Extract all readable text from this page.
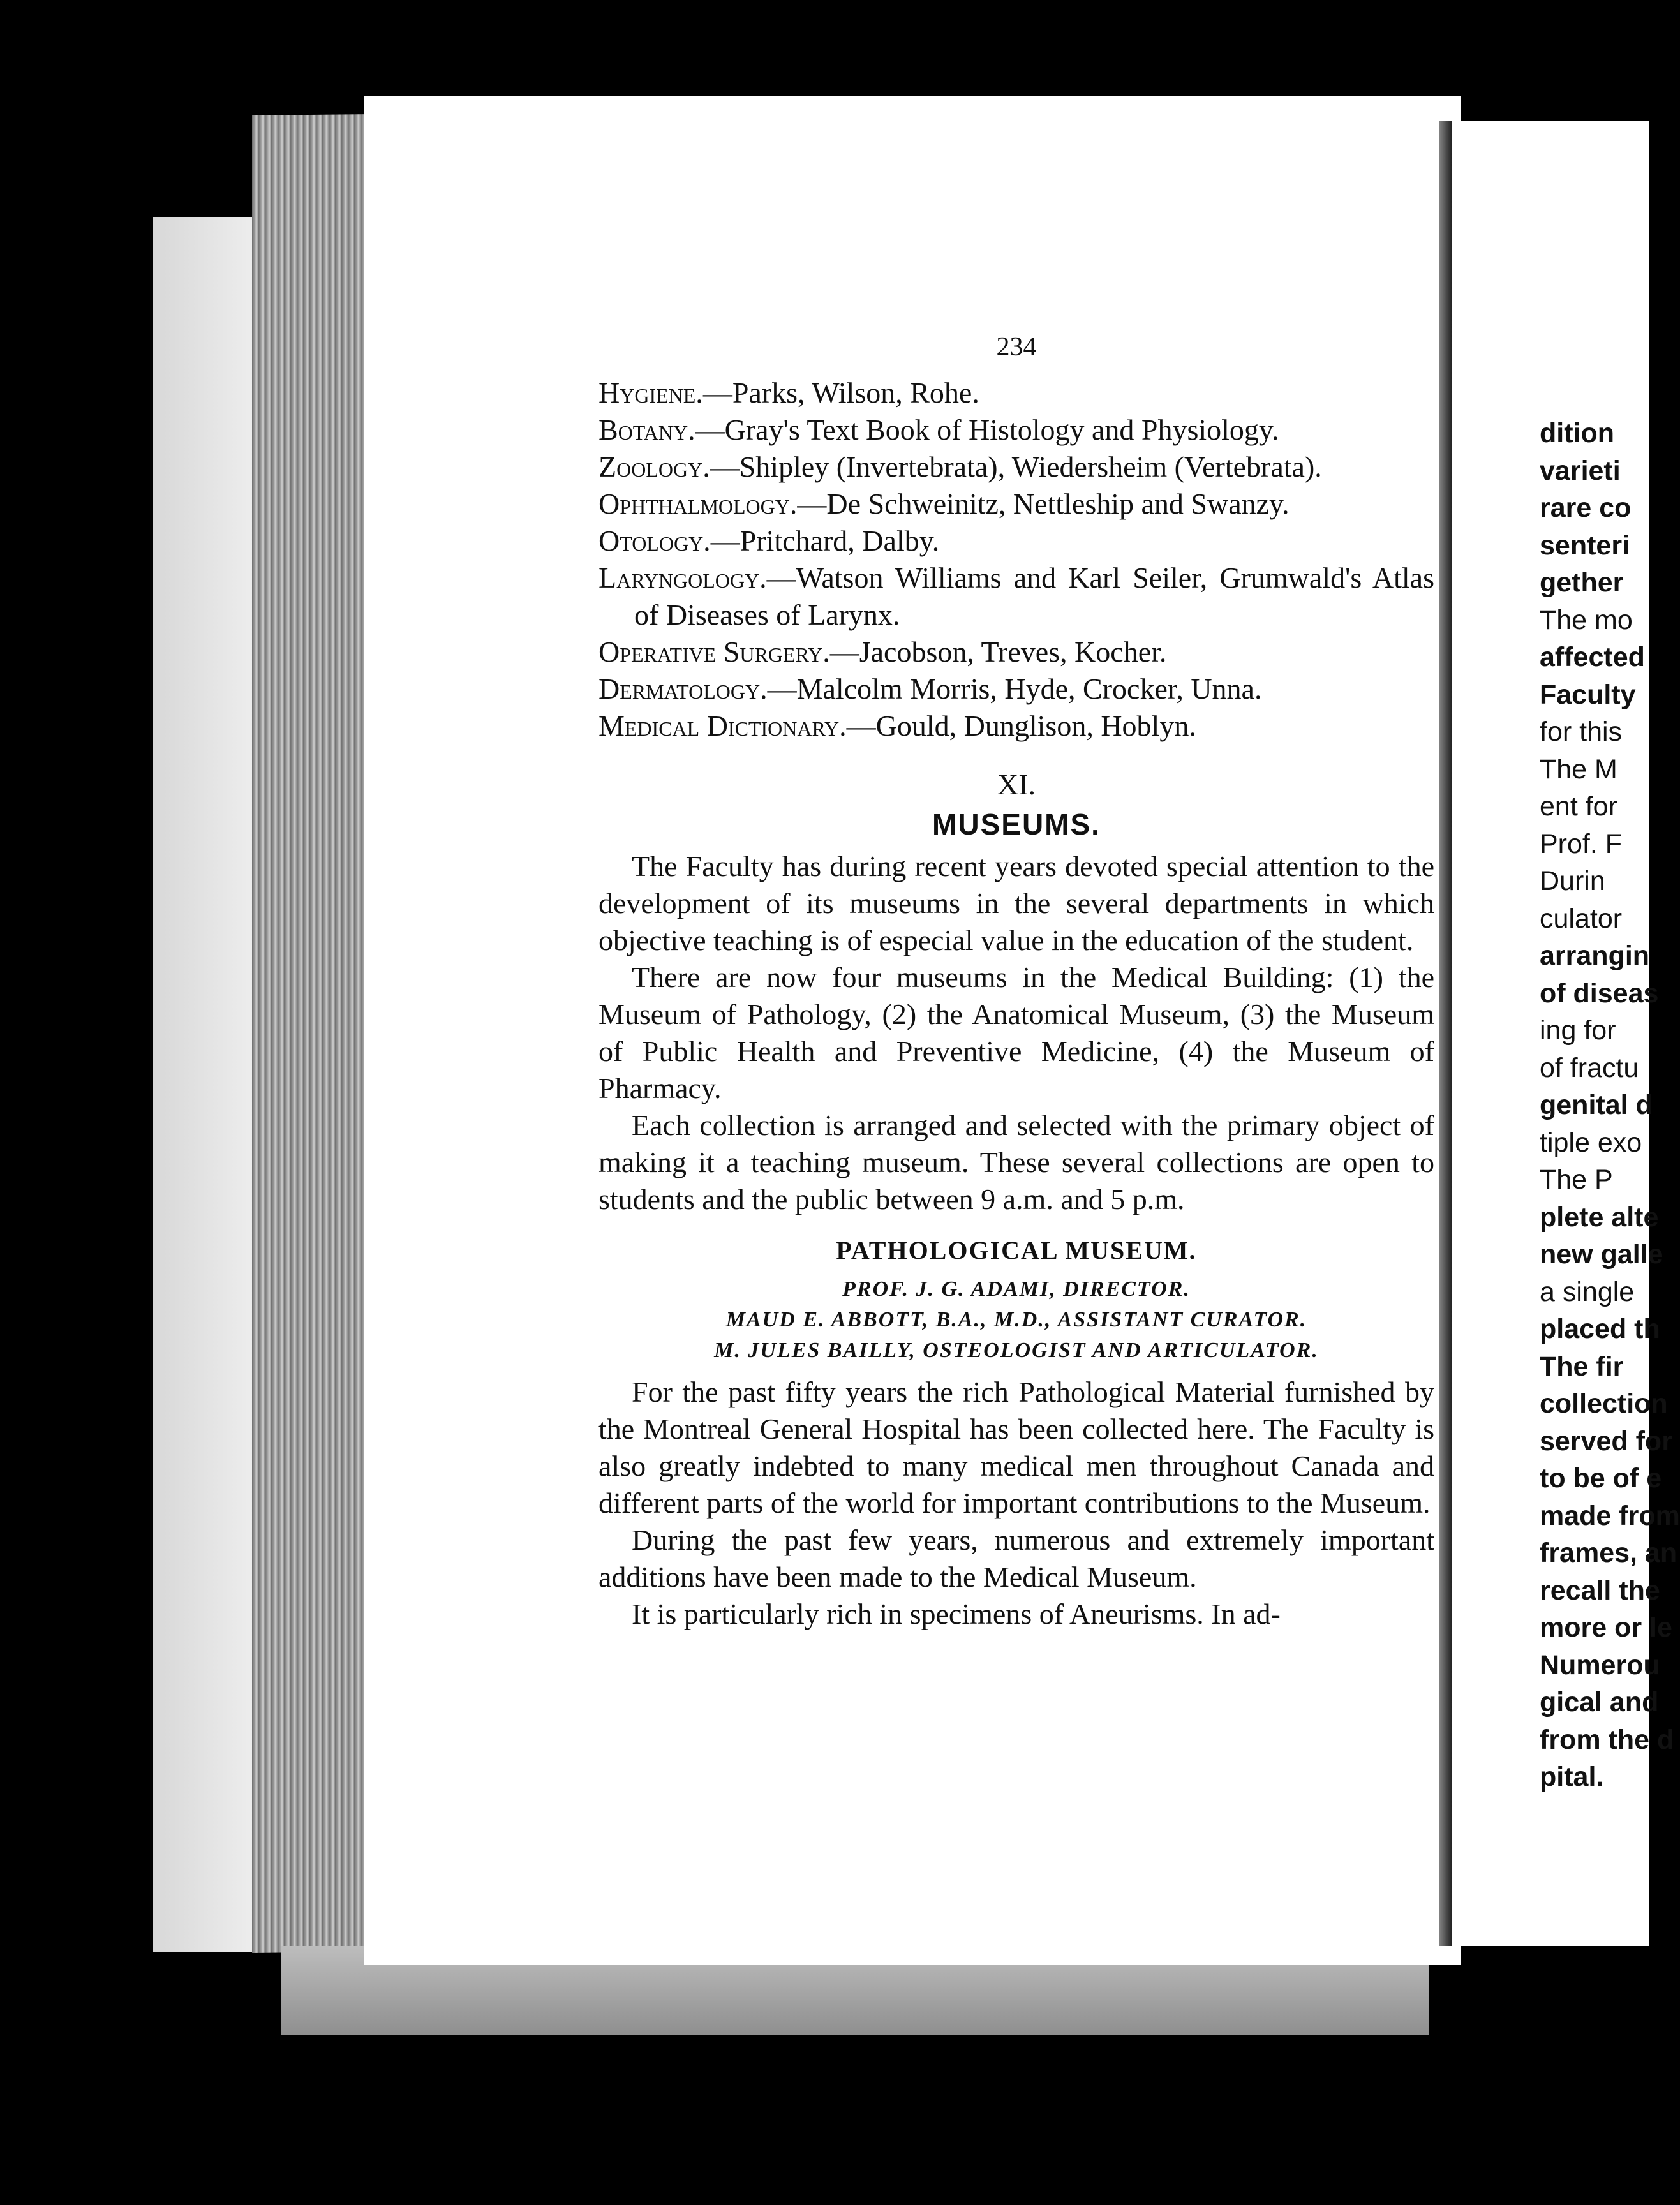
234

Hygiene.—Parks, Wilson, Rohe.

Botany.—Gray's Text Book of Histology and Physiology.

Zoology.—Shipley (Invertebrata), Wiedersheim (Vertebrata).

Ophthalmology.—De Schweinitz, Nettleship and Swanzy.

Otology.—Pritchard, Dalby.

Laryngology.—Watson Williams and Karl Seiler, Grumwald's Atlas of Diseases of Larynx.

Operative Surgery.—Jacobson, Treves, Kocher.

Dermatology.—Malcolm Morris, Hyde, Crocker, Unna.

Medical Dictionary.—Gould, Dunglison, Hoblyn.

XI.
MUSEUMS.

The Faculty has during recent years devoted special attention to the development of its museums in the several departments in which objective teaching is of especial value in the education of the student.

There are now four museums in the Medical Building: (1) the Museum of Pathology, (2) the Anatomical Museum, (3) the Museum of Public Health and Preventive Medicine, (4) the Museum of Pharmacy.

Each collection is arranged and selected with the primary object of making it a teaching museum. These several collections are open to students and the public between 9 a.m. and 5 p.m.

PATHOLOGICAL MUSEUM.
PROF. J. G. ADAMI, DIRECTOR.
MAUD E. ABBOTT, B.A., M.D., ASSISTANT CURATOR.
M. JULES BAILLY, OSTEOLOGIST AND ARTICULATOR.

For the past fifty years the rich Pathological Material furnished by the Montreal General Hospital has been collected here. The Faculty is also greatly indebted to many medical men throughout Canada and different parts of the world for important contributions to the Museum.

During the past few years, numerous and extremely important additions have been made to the Medical Museum.

It is particularly rich in specimens of Aneurisms. In ad-

dition
varieti
rare co
senteri
gether
The mo
affected
Faculty
for this
The M
ent for
Prof. F
Durin
culator
arrangin
of diseas
ing for
of fractu
genital d
tiple exo
The P
plete alte
new galle
a single
placed th
The fir
collection
served for
to be of e
made from
frames, an
recall the
more or le
Numerou
gical and
from the d
pital.
